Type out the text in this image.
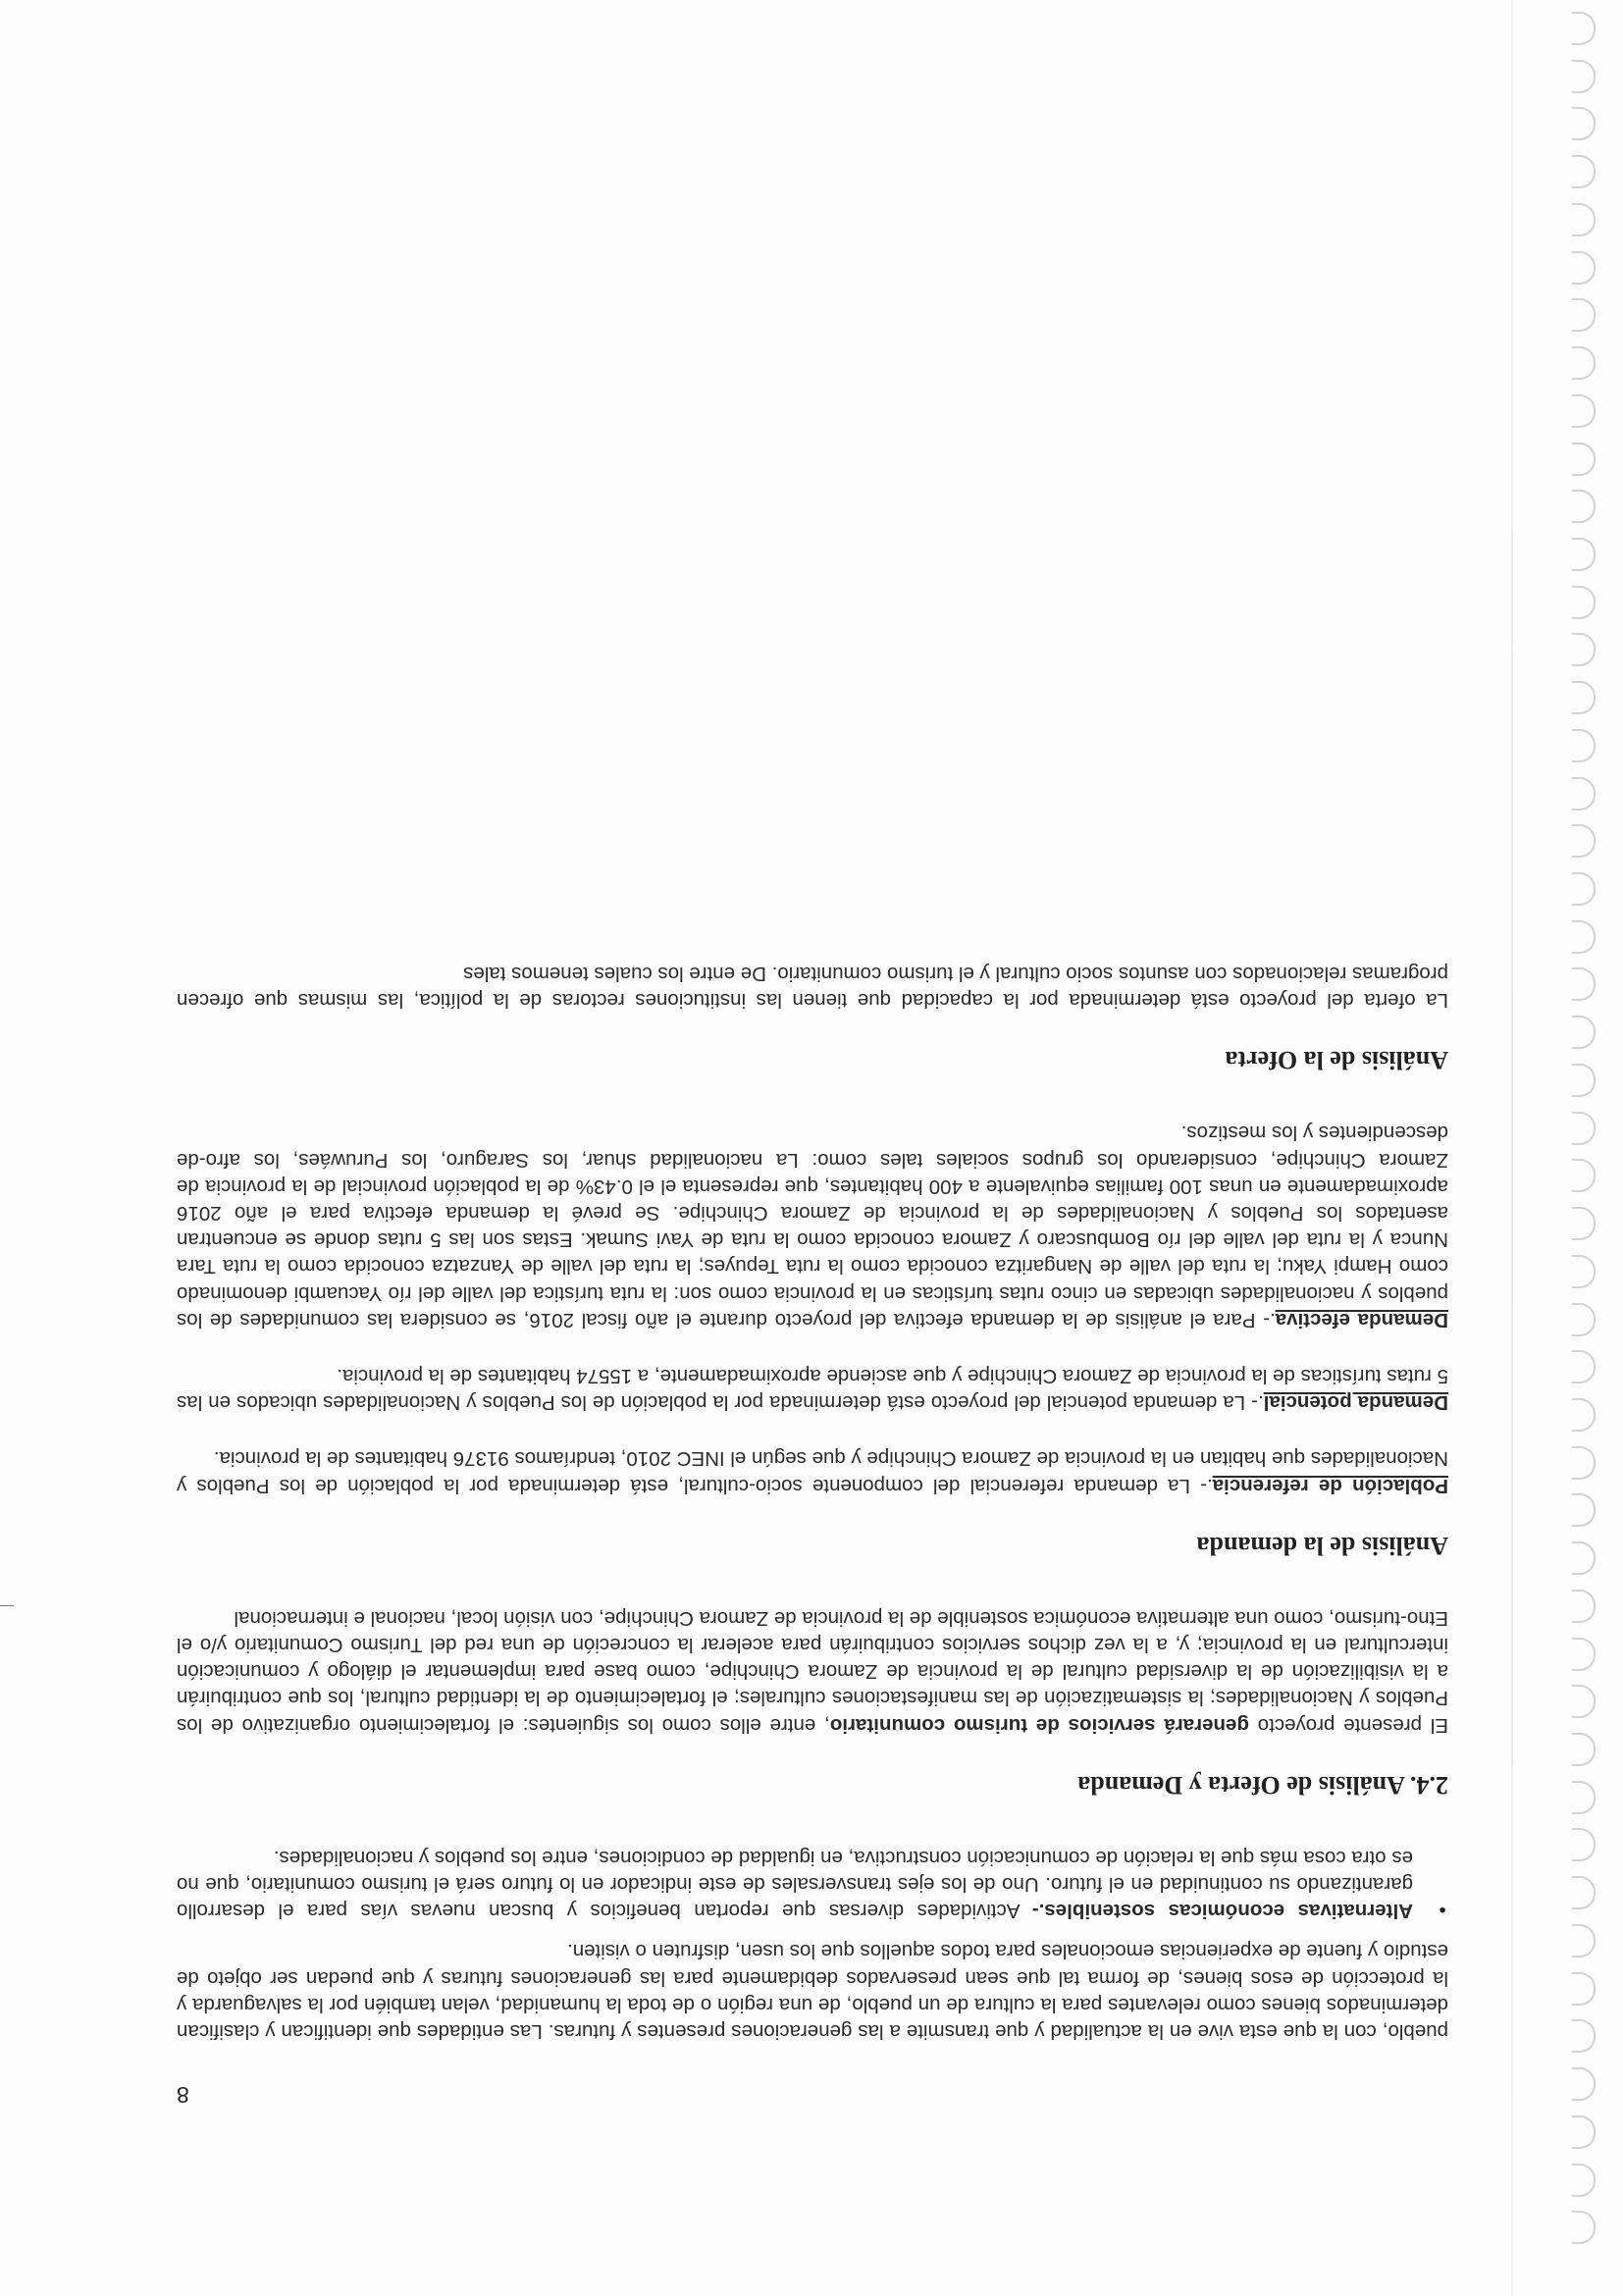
8

pueblo, con la que esta vive en la actualidad y que transmite a las generaciones presentes y futuras. Las entidades que identifican y clasifican determinados bienes como relevantes para la cultura de un pueblo, de una región o de toda la humanidad, velan también por la salvaguarda y la protección de esos bienes, de forma tal que sean preservados debidamente para las generaciones futuras y que puedan ser objeto de estudio y fuente de experiencias emocionales para todos aquellos que los usen, disfruten o visiten.

● Alternativas económicas sostenibles.- Actividades diversas que reportan beneficios y buscan nuevas vías para el desarrollo garantizando su continuidad en el futuro. Uno de los ejes transversales de este indicador en lo futuro será el turismo comunitario, que no es otra cosa más que la relación de comunicación constructiva, en igualdad de condiciones, entre los pueblos y nacionalidades.

2.4. Análisis de Oferta y Demanda

El presente proyecto generará servicios de turismo comunitario, entre ellos como los siguientes: el fortalecimiento organizativo de los Pueblos y Nacionalidades; la sistematización de las manifestaciones culturales; el fortalecimiento de la identidad cultural, los que contribuirán a la visibilización de la diversidad cultural de la provincia de Zamora Chinchipe, como base para implementar el diálogo y comunicación intercultural en la provincia; y, a la vez dichos servicios contribuirán para acelerar la concreción de una red del Turismo Comunitario y/o el Etno-turismo, como una alternativa económica sostenible de la provincia de Zamora Chinchipe, con visión local, nacional e internacional

Análisis de la demanda

Población de referencia.- La demanda referencial del componente socio-cultural, está determinada por la población de los Pueblos y Nacionalidades que habitan en la provincia de Zamora Chinchipe y que según el INEC 2010, tendríamos 91376 habitantes de la provincia.

Demanda potencial.- La demanda potencial del proyecto está determinada por la población de los Pueblos y Nacionalidades ubicados en las 5 rutas turísticas de la provincia de Zamora Chinchipe y que asciende aproximadamente, a 15574 habitantes de la provincia.

Demanda efectiva.- Para el análisis de la demanda efectiva del proyecto durante el año fiscal 2016, se considera las comunidades de los pueblos y nacionalidades ubicadas en cinco rutas turísticas en la provincia como son: la ruta turística del valle del río Yacuambi denominado como Hampi Yaku; la ruta del valle de Nangaritza conocida como la ruta Tepuyes; la ruta del valle de Yanzatza conocida como la ruta Tara Nunca y la ruta del valle del río Bombuscaro y Zamora conocida como la ruta de Yavi Sumak. Estas son las 5 rutas donde se encuentran asentados los Pueblos y Nacionalidades de la provincia de Zamora Chinchipe. Se prevé la demanda efectiva para el año 2016 aproximadamente en unas 100 familias equivalente a 400 habitantes, que representa el el 0.43% de la población provincial de la provincia de Zamora Chinchipe, considerando los grupos sociales tales como: La nacionalidad shuar, los Saraguro, los Puruwáes, los afro-de descendientes y los mestizos.

Análisis de la Oferta

La oferta del proyecto está determinada por la capacidad que tienen las instituciones rectoras de la política, las mismas que ofrecen programas relacionados con asuntos socio cultural y el turismo comunitario. De entre los cuales tenemos tales
